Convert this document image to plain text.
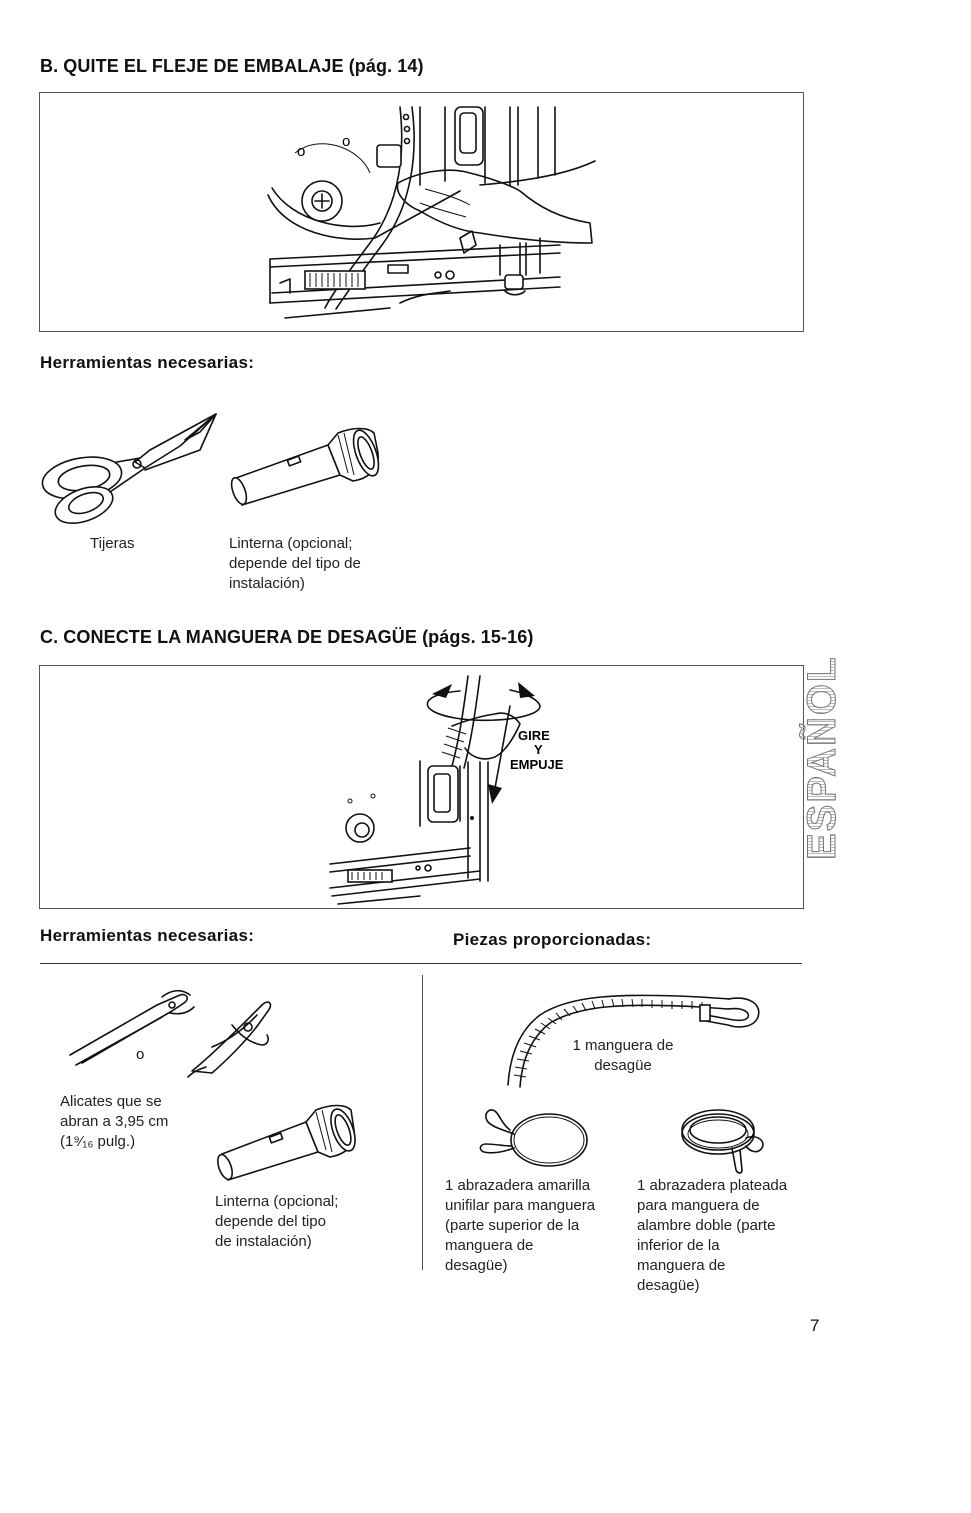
B. QUITE EL FLEJE DE EMBALAJE (pág. 14)
o
o
Herramientas necesarias:
Tijeras	Linterna (opcional;
depende del tipo de
instalación)
C. CONECTE LA MANGUERA DE DESAGÜE (págs. 15-16)
GIRE
Y
EMPUJE	ESPAÑOL
Herramientas necesarias:	Piezas proporcionadas:
o
Alicates que se
abran a 3,95 cm
(1⁹⁄₁₆ pulg.)
Linterna (opcional;
depende del tipo
de instalación)
1 manguera de
desagüe
1 abrazadera amarilla
unifilar para manguera
(parte superior de la
manguera de
desagüe)
1 abrazadera plateada
para manguera de
alambre doble (parte
inferior de la
manguera de
desagüe)
7
